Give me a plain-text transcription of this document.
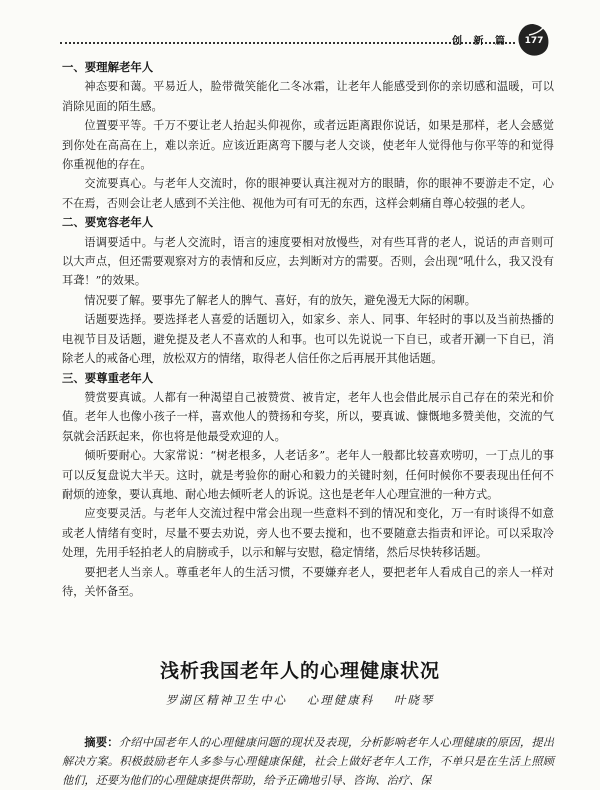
创 新 篇	177
一、要理解老年人

神态要和蔼。平易近人，脸带微笑能化二冬冰霜，让老年人能感受到你的亲切感和温暖，可以消除见面的陌生感。

位置要平等。千万不要让老人抬起头仰视你，或者远距离跟你说话，如果是那样，老人会感觉到你处在高高在上，难以亲近。应该近距离弯下腰与老人交谈，使老年人觉得他与你平等的和觉得你重视他的存在。

交流要真心。与老年人交流时，你的眼神要认真注视对方的眼睛，你的眼神不要游走不定，心不在焉，否则会让老人感到不关注他、视他为可有可无的东西，这样会刺痛自尊心较强的老人。

二、要宽容老年人

语调要适中。与老人交流时，语言的速度要相对放慢些，对有些耳背的老人，说话的声音则可以大声点，但还需要观察对方的表情和反应，去判断对方的需要。否则，会出现“吼什么，我又没有耳聋！”的效果。

情况要了解。要事先了解老人的脾气、喜好，有的放矢，避免漫无大际的闲聊。

话题要选择。要选择老人喜爱的话题切入，如家乡、亲人、同事、年轻时的事以及当前热播的电视节目及话题，避免提及老人不喜欢的人和事。也可以先说说一下自已，或者开涮一下自已，消除老人的戒备心理，放松双方的情绪，取得老人信任你之后再展开其他话题。

三、要尊重老年人

赞赏要真诚。人都有一种渴望自己被赞赏、被肯定，老年人也会借此展示自己存在的荣光和价值。老年人也像小孩子一样，喜欢他人的赞扬和夸奖，所以，要真诚、慷慨地多赞美他，交流的气氛就会活跃起来，你也将是他最受欢迎的人。

倾听要耐心。大家常说：“树老根多，人老话多”。老年人一般都比较喜欢唠叨，一丁点儿的事可以反复盘说大半天。这时，就是考验你的耐心和毅力的关键时刻，任何时候你不要表现出任何不耐烦的迹象，要认真地、耐心地去倾听老人的诉说。这也是老年人心理宣泄的一种方式。

应变要灵活。与老年人交流过程中常会出现一些意料不到的情况和变化，万一有时谈得不如意或老人情绪有变时，尽量不要去劝说，旁人也不要去搅和，也不要随意去指责和评论。可以采取冷处理，先用手轻拍老人的肩膀或手，以示和解与安慰，稳定情绪，然后尽快转移话题。

要把老人当亲人。尊重老年人的生活习惯，不要嫌弃老人，要把老年人看成自己的亲人一样对待，关怀备至。

浅析我国老年人的心理健康状况
罗湖区精神卫生中心 心理健康科 叶晓琴

摘要：介绍中国老年人的心理健康问题的现状及表现，分析影响老年人心理健康的原因，提出解决方案。积极鼓励老年人多参与心理健康保健，社会上做好老年人工作，不单只是在生活上照顾他们，还要为他们的心理健康提供帮助，给予正确地引导、咨询、治疗、保
